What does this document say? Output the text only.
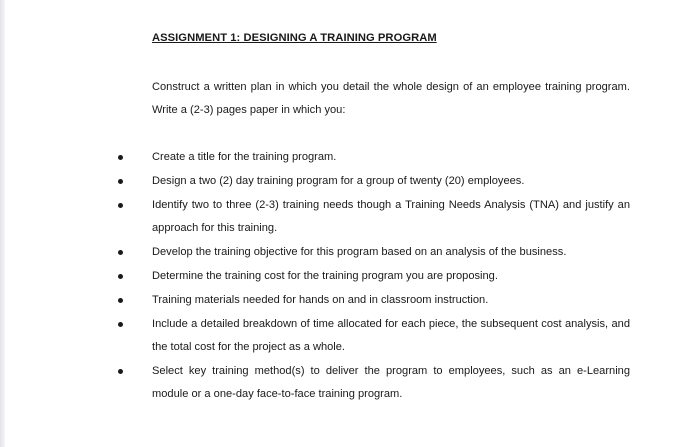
ASSIGNMENT 1: DESIGNING A TRAINING PROGRAM
Construct a written plan in which you detail the whole design of an employee training program. Write a (2-3) pages paper in which you:
Create a title for the training program.
Design a two (2) day training program for a group of twenty (20) employees.
Identify two to three (2-3) training needs though a Training Needs Analysis (TNA) and justify an approach for this training.
Develop the training objective for this program based on an analysis of the business.
Determine the training cost for the training program you are proposing.
Training materials needed for hands on and in classroom instruction.
Include a detailed breakdown of time allocated for each piece, the subsequent cost analysis, and the total cost for the project as a whole.
Select key training method(s) to deliver the program to employees, such as an e-Learning module or a one-day face-to-face training program.
